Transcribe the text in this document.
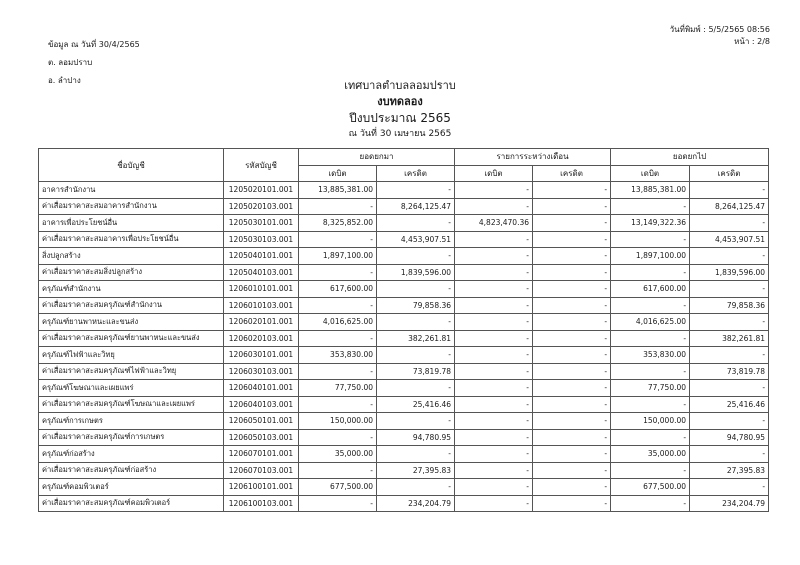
ข้อมูล ณ วันที่ 30/4/2565
ต. ลอมปราบ
อ. ลำปาง
วันที่พิมพ์ : 5/5/2565 08:56
หน้า : 2/8
เทศบาลตำบลลอมปราบ
งบทดลอง
ปีงบประมาณ 2565
ณ วันที่ 30 เมษายน 2565
ชื่อบัญชี	รหัสบัญชี	ยอดยกมา		รายการระหว่างเดือน		ยอดยกไป	
		เดบิต	เครดิต	เดบิต	เครดิต	เดบิต	เครดิต
อาคารสำนักงาน	1205020101.001	13,885,381.00	-	-	-	13,885,381.00	-
ค่าเสื่อมราคาสะสมอาคารสำนักงาน	1205020103.001	-	8,264,125.47	-	-	-	8,264,125.47
อาคารเพื่อประโยชน์อื่น	1205030101.001	8,325,852.00	-	4,823,470.36	-	13,149,322.36	-
ค่าเสื่อมราคาสะสมอาคารเพื่อประโยชน์อื่น	1205030103.001	-	4,453,907.51	-	-	-	4,453,907.51
สิ่งปลูกสร้าง	1205040101.001	1,897,100.00	-	-	-	1,897,100.00	-
ค่าเสื่อมราคาสะสมสิ่งปลูกสร้าง	1205040103.001	-	1,839,596.00	-	-	-	1,839,596.00
ครุภัณฑ์สำนักงาน	1206010101.001	617,600.00	-	-	-	617,600.00	-
ค่าเสื่อมราคาสะสมครุภัณฑ์สำนักงาน	1206010103.001	-	79,858.36	-	-	-	79,858.36
ครุภัณฑ์ยานพาหนะและขนส่ง	1206020101.001	4,016,625.00	-	-	-	4,016,625.00	-
ค่าเสื่อมราคาสะสมครุภัณฑ์ยานพาหนะและขนส่ง	1206020103.001	-	382,261.81	-	-	-	382,261.81
ครุภัณฑ์ไฟฟ้าและวิทยุ	1206030101.001	353,830.00	-	-	-	353,830.00	-
ค่าเสื่อมราคาสะสมครุภัณฑ์ไฟฟ้าและวิทยุ	1206030103.001	-	73,819.78	-	-	-	73,819.78
ครุภัณฑ์โฆษณาและเผยแพร่	1206040101.001	77,750.00	-	-	-	77,750.00	-
ค่าเสื่อมราคาสะสมครุภัณฑ์โฆษณาและเผยแพร่	1206040103.001	-	25,416.46	-	-	-	25,416.46
ครุภัณฑ์การเกษตร	1206050101.001	150,000.00	-	-	-	150,000.00	-
ค่าเสื่อมราคาสะสมครุภัณฑ์การเกษตร	1206050103.001	-	94,780.95	-	-	-	94,780.95
ครุภัณฑ์ก่อสร้าง	1206070101.001	35,000.00	-	-	-	35,000.00	-
ค่าเสื่อมราคาสะสมครุภัณฑ์ก่อสร้าง	1206070103.001	-	27,395.83	-	-	-	27,395.83
ครุภัณฑ์คอมพิวเตอร์	1206100101.001	677,500.00	-	-	-	677,500.00	-
ค่าเสื่อมราคาสะสมครุภัณฑ์คอมพิวเตอร์	1206100103.001	-	234,204.79	-	-	-	234,204.79
